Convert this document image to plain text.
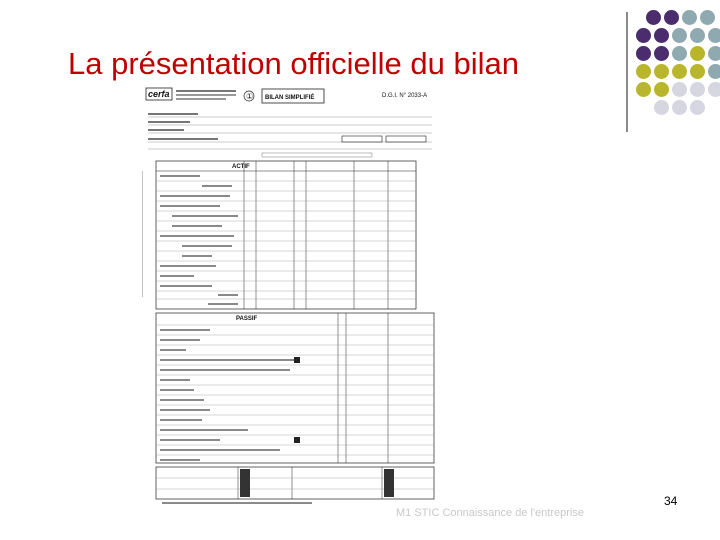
La présentation officielle du bilan
cerfa	① BILAN SIMPLIFIÉ	D.G.I. N° 2033-A
ACTIF
PASSIF
34
M1 STIC Connaissance de l'entreprise
